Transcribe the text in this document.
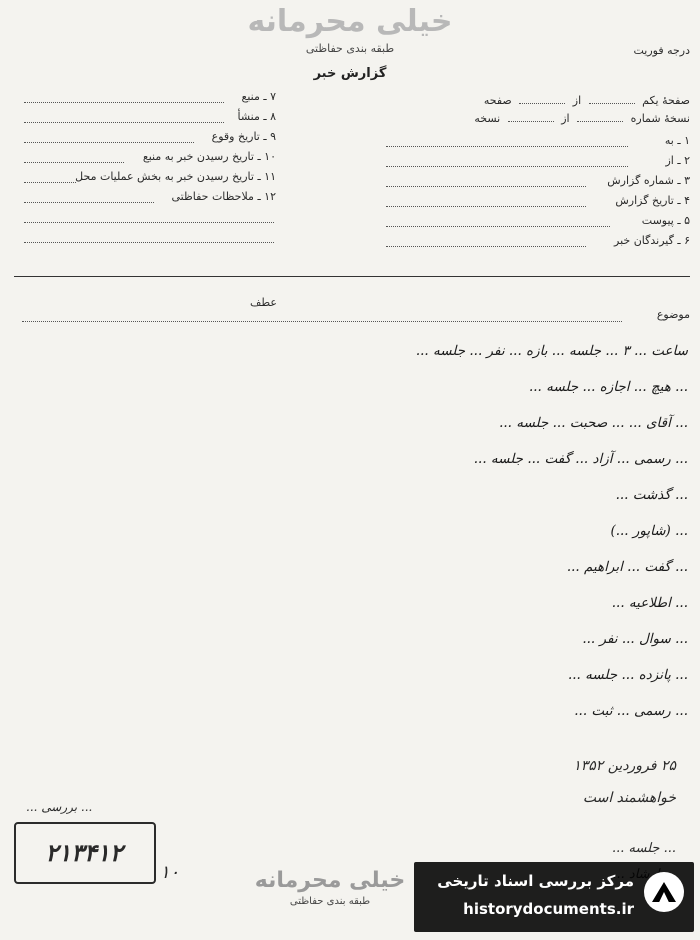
خیلی محرمانه
طبقه بندی حفاظتی
گزارش خبر
درجه فوریت
صفحهٔ یکم  از  صفحه
نسخهٔ شماره  از  نسخه
۱ ـ به
۲ ـ از
۳ ـ شماره گزارش
۴ ـ تاریخ گزارش
۵ ـ پیوست
۶ ـ گیرندگان خبر
۷ ـ منبع
۸ ـ منشأ
۹ ـ تاریخ وقوع
۱۰ ـ تاریخ رسیدن خبر به منبع
۱۱ ـ تاریخ رسیدن خبر به بخش عملیات محل
۱۲ ـ ملاحظات حفاظتی
عطف
موضوع

ساعت ... ۳ ... جلسه ... بازه ... نفر ... جلسه ...

... هیچ ... اجازه ... جلسه ...

... آقای ... ... صحبت ... جلسه ...

... رسمی ... آزاد ... گفت ... جلسه ...

... گذشت ...

... (شاپور ...)

... گفت ... ابراهیم ...

... اطلاعیه ...

... سوال ... نفر ...

... پانزده ... جلسه ...

... رسمی ... ثبت ...

۲۵ فروردین ۱۳۵۲
خواهشمند است
... جلسه ...
... بررسی ...
۲۱۳۴۱۲
۱۰	خیلی محرمانه
طبقه بندی حفاظتی
مرکز بررسی اسناد تاریخی
historydocuments.ir
